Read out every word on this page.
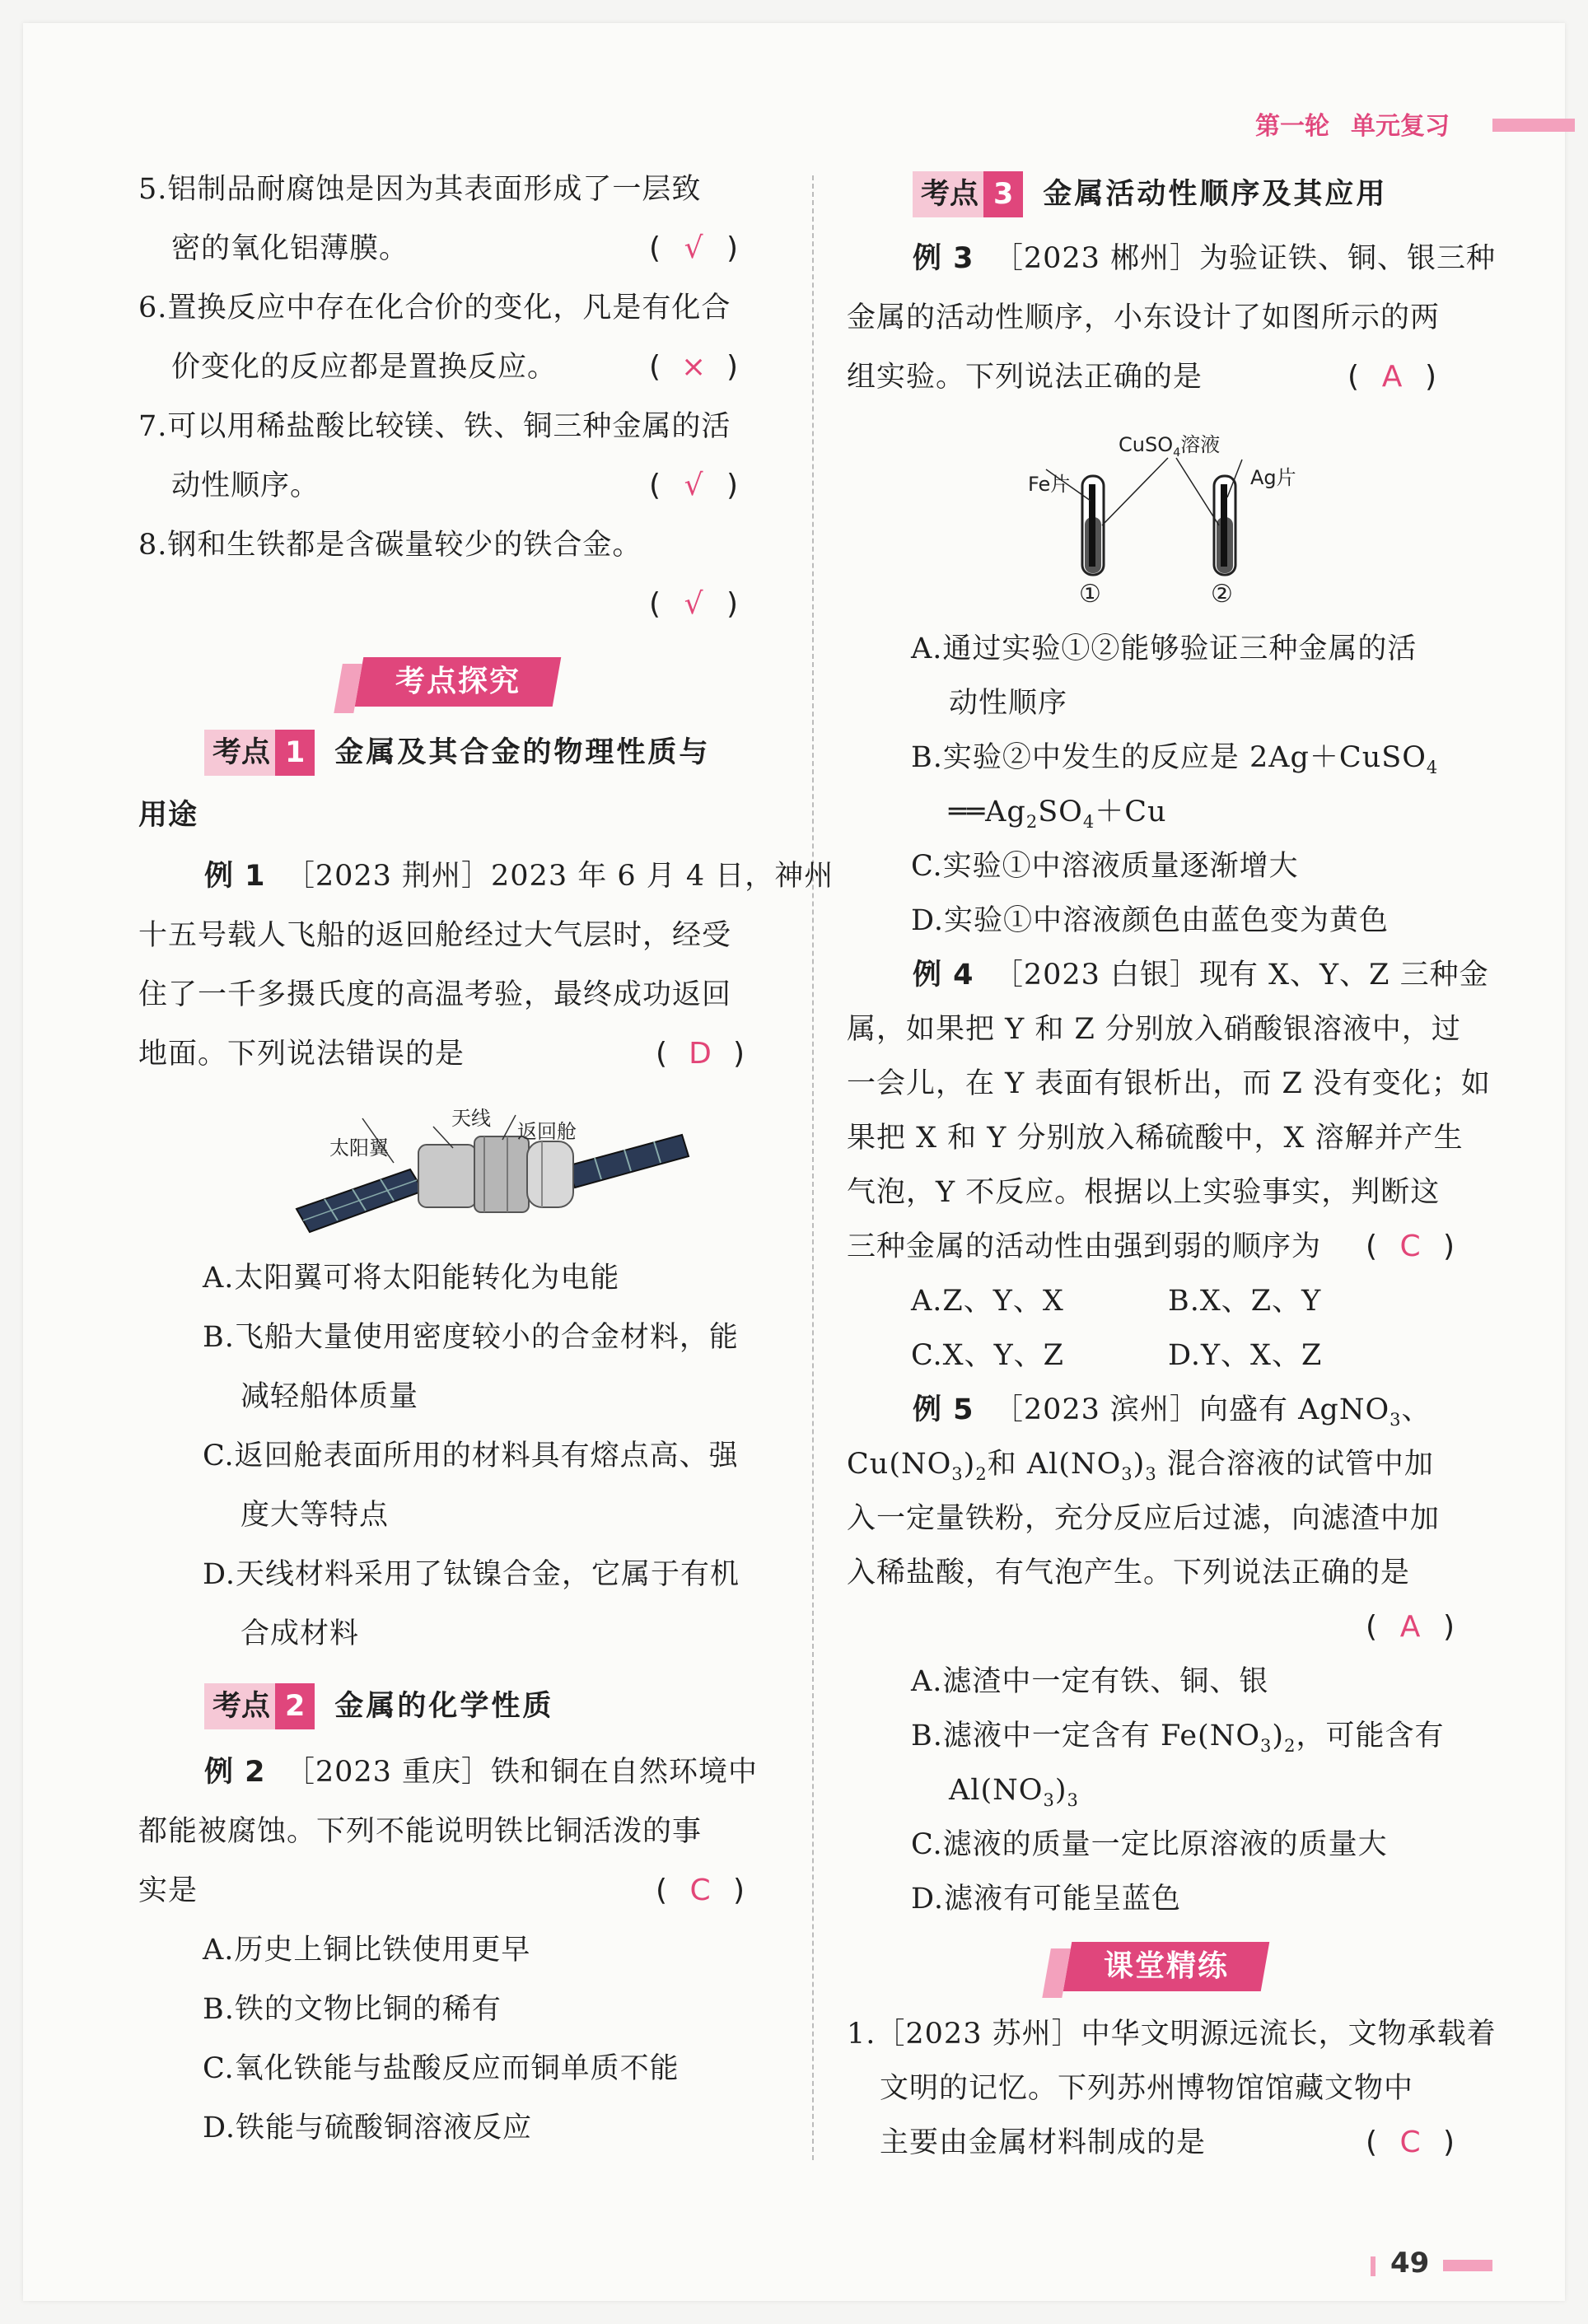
第一轮 单元复习
5.铝制品耐腐蚀是因为其表面形成了一层致
密的氧化铝薄膜。	( √ )
6.置换反应中存在化合价的变化，凡是有化合
价变化的反应都是置换反应。	( × )
7.可以用稀盐酸比较镁、铁、铜三种金属的活
动性顺序。	( √ )
8.钢和生铁都是含碳量较少的铁合金。
( √ )
考点探究
考点 1 金属及其合金的物理性质与
用途
例 1 ［2023 荆州］2023 年 6 月 4 日，神州
十五号载人飞船的返回舱经过大气层时，经受
住了一千多摄氏度的高温考验，最终成功返回
地面。下列说法错误的是	( D )
天线
返回舱
太阳翼
A.太阳翼可将太阳能转化为电能
B.飞船大量使用密度较小的合金材料，能
减轻船体质量
C.返回舱表面所用的材料具有熔点高、强
度大等特点
D.天线材料采用了钛镍合金，它属于有机
合成材料
考点 2 金属的化学性质
例 2 ［2023 重庆］铁和铜在自然环境中
都能被腐蚀。下列不能说明铁比铜活泼的事
实是	( C )
A.历史上铜比铁使用更早
B.铁的文物比铜的稀有
C.氧化铁能与盐酸反应而铜单质不能
D.铁能与硫酸铜溶液反应
考点 3 金属活动性顺序及其应用
例 3 ［2023 郴州］为验证铁、铜、银三种
金属的活动性顺序，小东设计了如图所示的两
组实验。下列说法正确的是	( A )
CuSO$_4$溶液
Fe片	Ag片
①	②
A.通过实验①②能够验证三种金属的活
动性顺序
B.实验②中发生的反应是 2Ag＋CuSO$_4$
$══Ag_2SO_4+Cu$
C.实验①中溶液质量逐渐增大
D.实验①中溶液颜色由蓝色变为黄色
例 4 ［2023 白银］现有 X、Y、Z 三种金
属，如果把 Y 和 Z 分别放入硝酸银溶液中，过
一会儿，在 Y 表面有银析出，而 Z 没有变化；如
果把 X 和 Y 分别放入稀硫酸中，X 溶解并产生
气泡，Y 不反应。根据以上实验事实，判断这
三种金属的活动性由强到弱的顺序为 ( C )
A.Z、Y、X	B.X、Z、Y
C.X、Y、Z	D.Y、X、Z
例 5 ［2023 滨州］向盛有 AgNO$_3$、
$Cu(NO_3)_2$和 $Al(NO_3)_3$ 混合溶液的试管中加
入一定量铁粉，充分反应后过滤，向滤渣中加
入稀盐酸，有气泡产生。下列说法正确的是
( A )
A.滤渣中一定有铁、铜、银
B.滤液中一定含有 $Fe(NO_3)_2$，可能含有
$Al(NO_3)_3$
C.滤液的质量一定比原溶液的质量大
D.滤液有可能呈蓝色
课堂精练
1.［2023 苏州］中华文明源远流长，文物承载着
文明的记忆。下列苏州博物馆馆藏文物中
主要由金属材料制成的是	( C )
49
